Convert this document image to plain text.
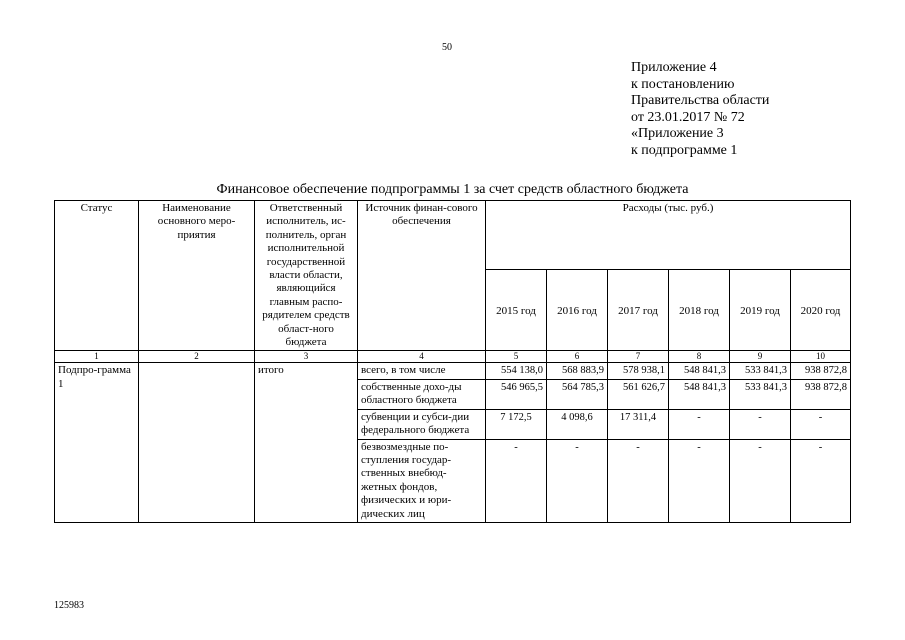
50
Приложение 4
к постановлению
Правительства области
от 23.01.2017 № 72
«Приложение 3
к подпрограмме 1
Финансовое обеспечение подпрограммы 1 за счет средств областного бюджета
Статус	Наименование основного меро-приятия	Ответственный исполнитель, ис-полнитель, орган исполнительной государственной власти области, являющийся главным распо-рядителем средств област-ного бюджета	Источник финан-сового обеспечения	Расходы (тыс. руб.)					
				2015 год	2016 год	2017 год	2018 год	2019 год	2020 год
1	2	3	4	5	6	7	8	9	10
Подпро-грамма 1		итого	всего, в том числе	554 138,0	568 883,9	578 938,1	548 841,3	533 841,3	938 872,8
			собственные дохо-ды областного бюджета	546 965,5	564 785,3	561 626,7	548 841,3	533 841,3	938 872,8
			субвенции и субси-дии федерального бюджета	7 172,5	4 098,6	17 311,4	-	-	-
			безвозмездные по-ступления государ-ственных внебюд-жетных фондов, физических и юри-дических лиц	-	-	-	-	-	-
125983
